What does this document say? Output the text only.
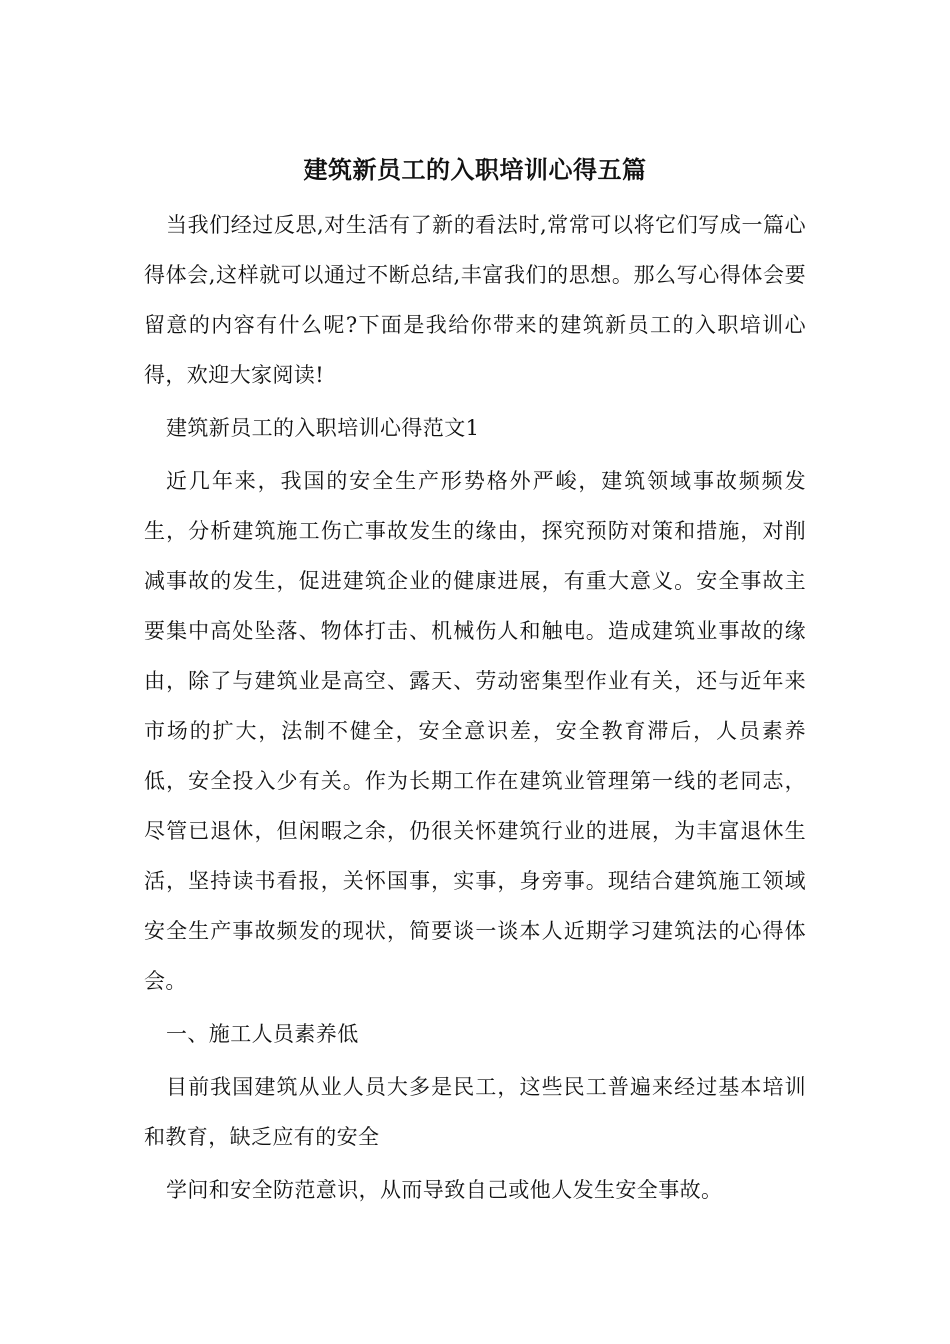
建筑新员工的入职培训心得五篇

当我们经过反思,对生活有了新的看法时,常常可以将它们写成一篇心得体会,这样就可以通过不断总结,丰富我们的思想。那么写心得体会要留意的内容有什么呢?下面是我给你带来的建筑新员工的入职培训心得，欢迎大家阅读!

建筑新员工的入职培训心得范文1

近几年来，我国的安全生产形势格外严峻，建筑领域事故频频发生，分析建筑施工伤亡事故发生的缘由，探究预防对策和措施，对削减事故的发生，促进建筑企业的健康进展，有重大意义。安全事故主要集中高处坠落、物体打击、机械伤人和触电。造成建筑业事故的缘由，除了与建筑业是高空、露天、劳动密集型作业有关，还与近年来市场的扩大，法制不健全，安全意识差，安全教育滞后，人员素养低，安全投入少有关。作为长期工作在建筑业管理第一线的老同志，尽管已退休，但闲暇之余，仍很关怀建筑行业的进展，为丰富退休生活，坚持读书看报，关怀国事，实事，身旁事。现结合建筑施工领域安全生产事故频发的现状，简要谈一谈本人近期学习建筑法的心得体会。

一、施工人员素养低

目前我国建筑从业人员大多是民工，这些民工普遍来经过基本培训和教育，缺乏应有的安全

学问和安全防范意识，从而导致自己或他人发生安全事故。
